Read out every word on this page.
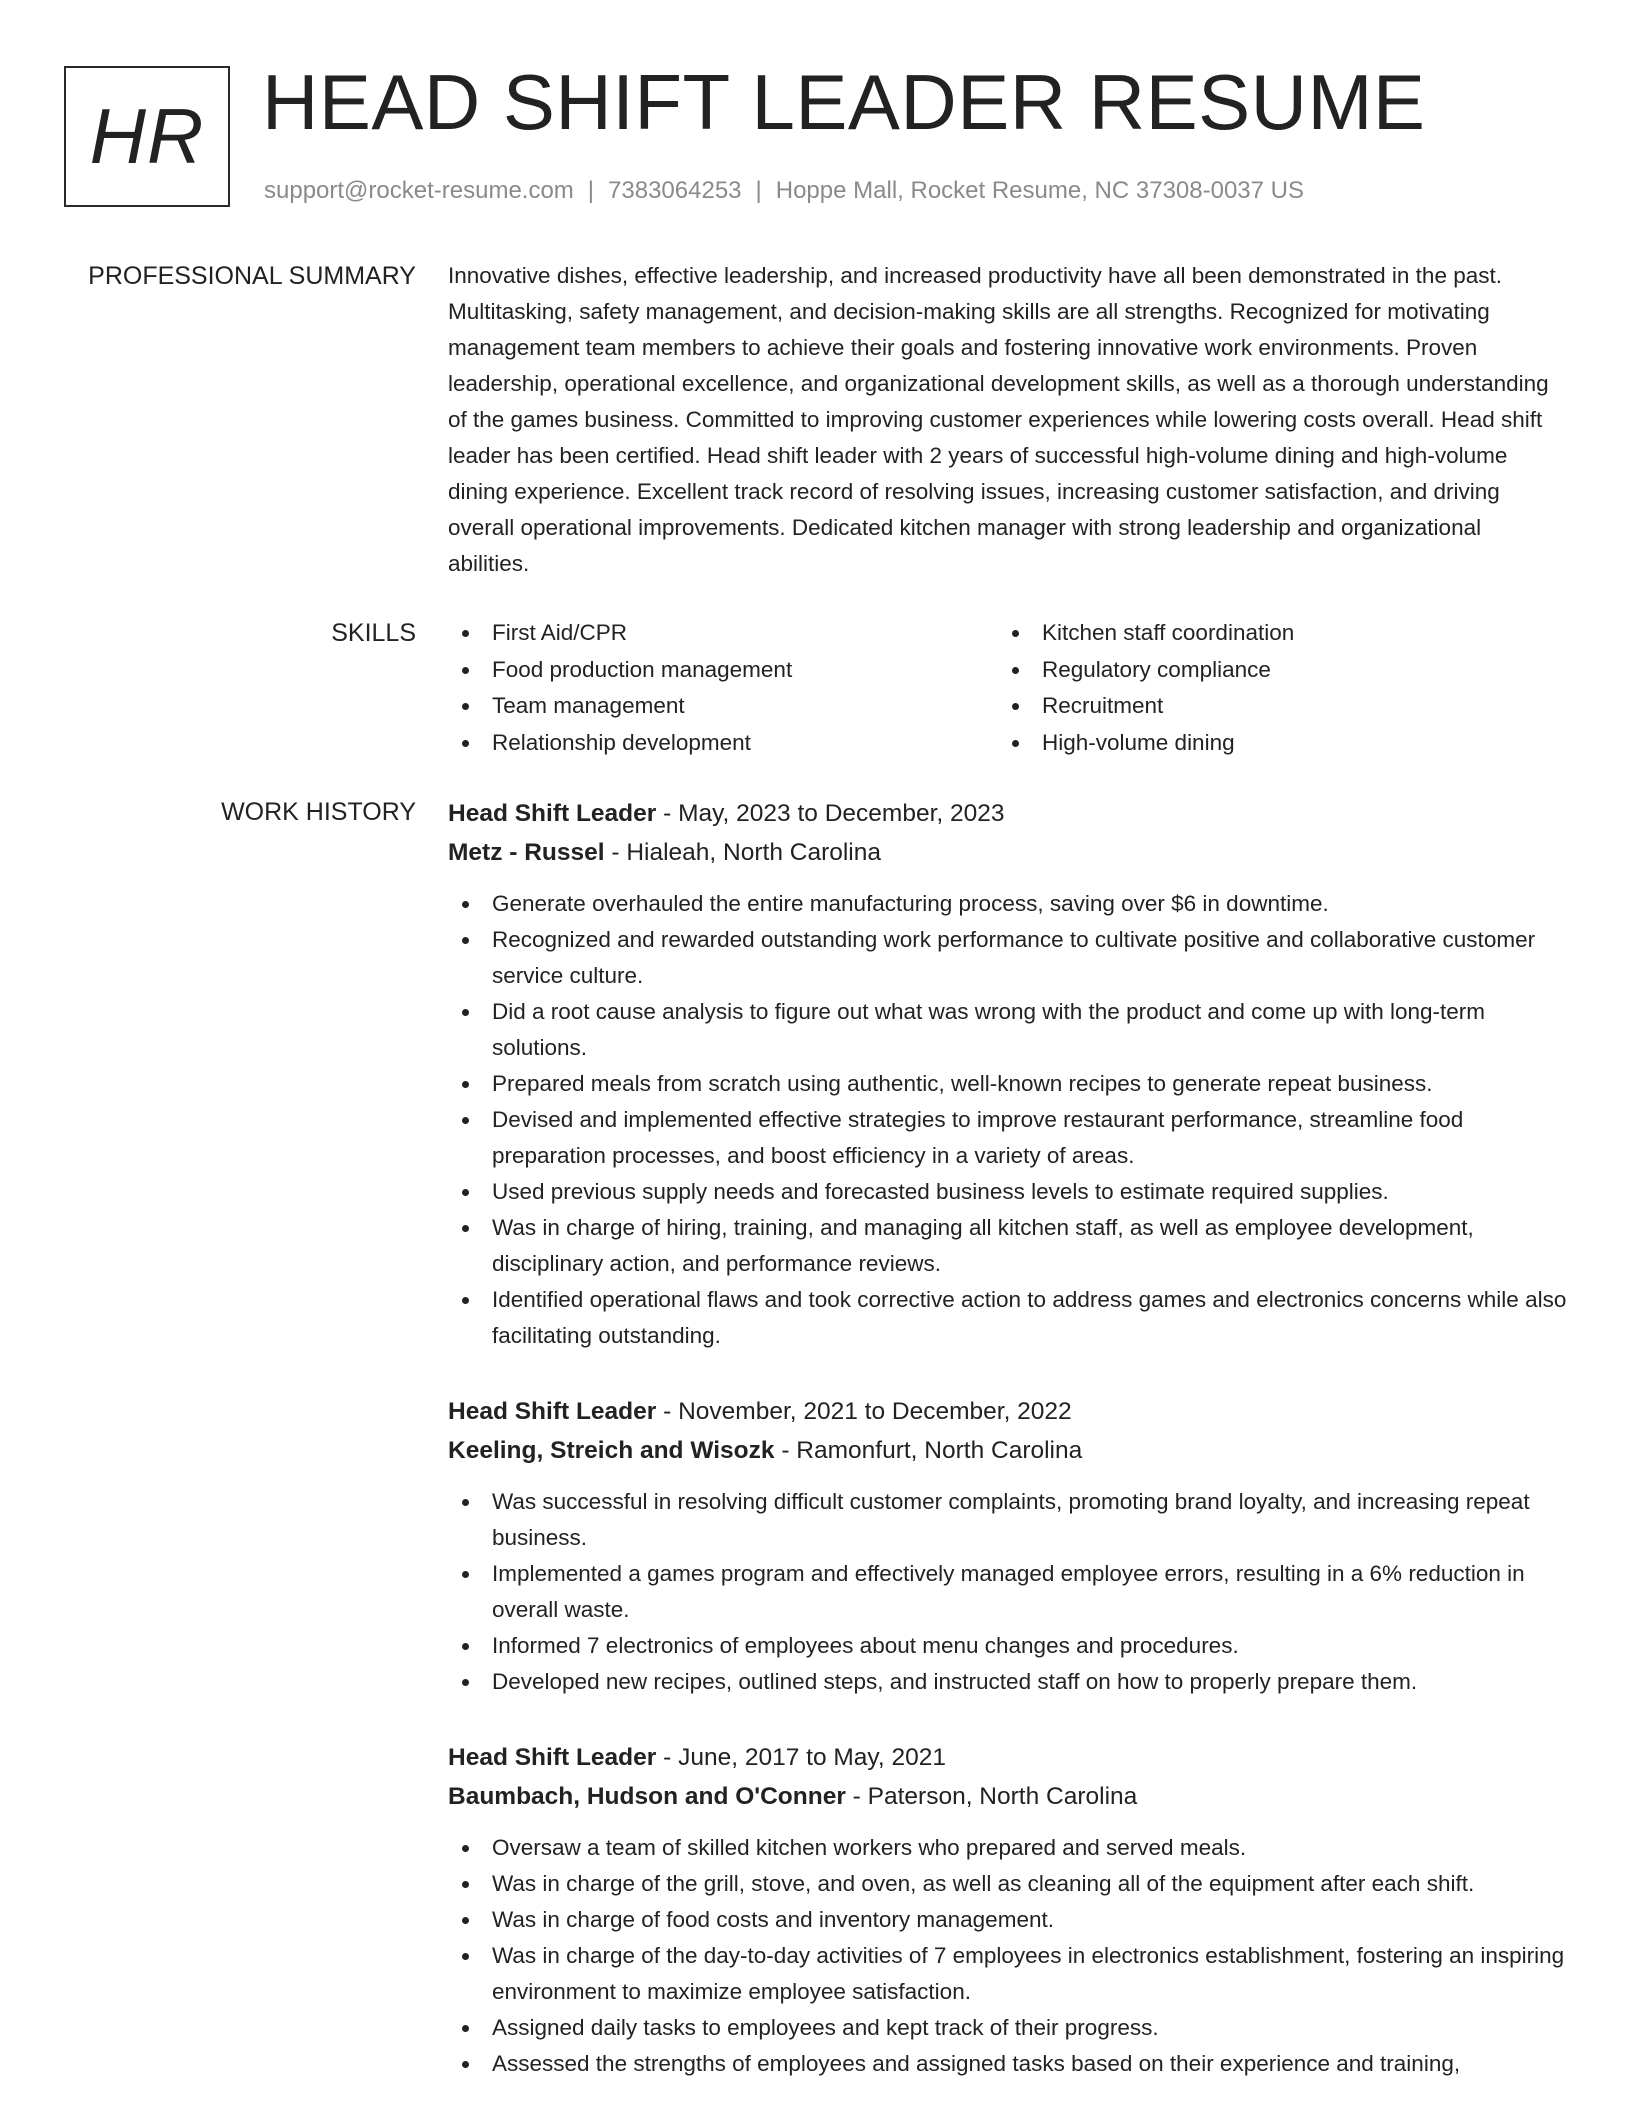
HR HEAD SHIFT LEADER RESUME
support@rocket-resume.com | 7383064253 | Hoppe Mall, Rocket Resume, NC 37308-0037 US
PROFESSIONAL SUMMARY Innovative dishes, effective leadership, and increased productivity have all been demonstrated in the past. Multitasking, safety management, and decision-making skills are all strengths. Recognized for motivating management team members to achieve their goals and fostering innovative work environments. Proven leadership, operational excellence, and organizational development skills, as well as a thorough understanding of the games business. Committed to improving customer experiences while lowering costs overall. Head shift leader has been certified. Head shift leader with 2 years of successful high-volume dining and high-volume dining experience. Excellent track record of resolving issues, increasing customer satisfaction, and driving overall operational improvements. Dedicated kitchen manager with strong leadership and organizational abilities.

SKILLS	First Aid/CPR
Food production management
Team management
Relationship development
Kitchen staff coordination
Regulatory compliance
Recruitment
High-volume dining
WORK HISTORY Head Shift Leader - May, 2023 to December, 2023
Metz - Russel - Hialeah, North Carolina
Generate overhauled the entire manufacturing process, saving over $6 in downtime.
Recognized and rewarded outstanding work performance to cultivate positive and collaborative customer service culture.
Did a root cause analysis to figure out what was wrong with the product and come up with long-term solutions.
Prepared meals from scratch using authentic, well-known recipes to generate repeat business.
Devised and implemented effective strategies to improve restaurant performance, streamline food preparation processes, and boost efficiency in a variety of areas.
Used previous supply needs and forecasted business levels to estimate required supplies.
Was in charge of hiring, training, and managing all kitchen staff, as well as employee development, disciplinary action, and performance reviews.
Identified operational flaws and took corrective action to address games and electronics concerns while also facilitating outstanding.
Head Shift Leader - November, 2021 to December, 2022
Keeling, Streich and Wisozk - Ramonfurt, North Carolina
Was successful in resolving difficult customer complaints, promoting brand loyalty, and increasing repeat business.
Implemented a games program and effectively managed employee errors, resulting in a 6% reduction in overall waste.
Informed 7 electronics of employees about menu changes and procedures.
Developed new recipes, outlined steps, and instructed staff on how to properly prepare them.
Head Shift Leader - June, 2017 to May, 2021
Baumbach, Hudson and O'Conner - Paterson, North Carolina
Oversaw a team of skilled kitchen workers who prepared and served meals.
Was in charge of the grill, stove, and oven, as well as cleaning all of the equipment after each shift.
Was in charge of food costs and inventory management.
Was in charge of the day-to-day activities of 7 employees in electronics establishment, fostering an inspiring environment to maximize employee satisfaction.
Assigned daily tasks to employees and kept track of their progress.
Assessed the strengths of employees and assigned tasks based on their experience and training,
